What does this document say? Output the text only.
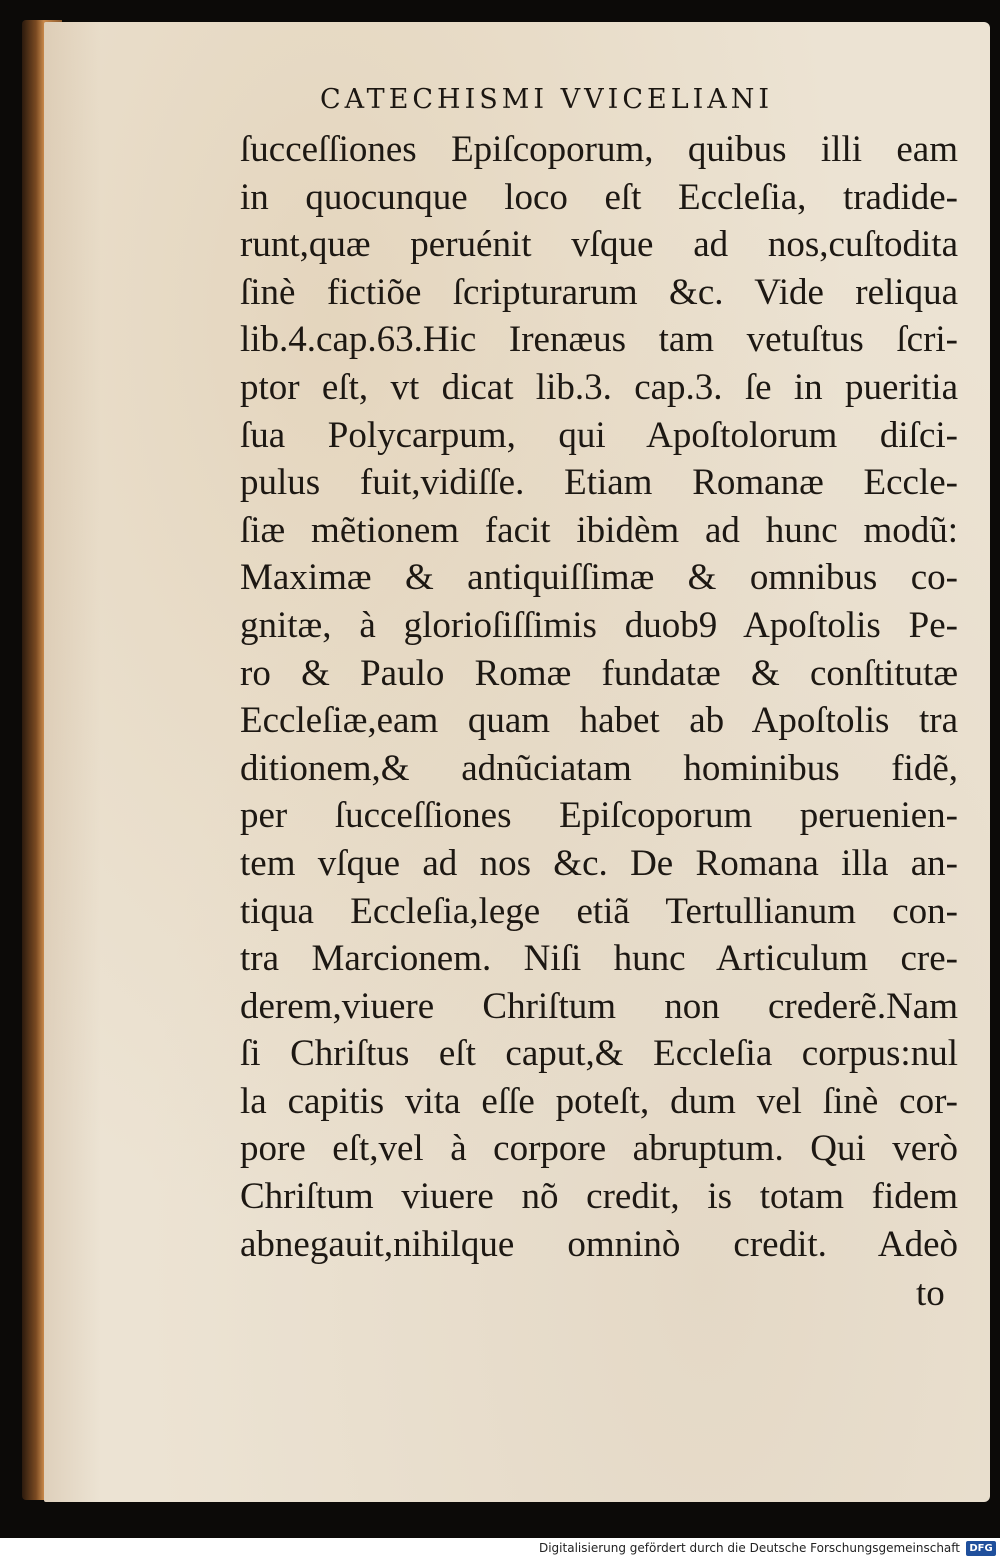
CATECHISMI VVICELIANI
ſucceſſiones Epiſcoporum, quibus illi eam
in quocunque loco eſt Eccleſia, tradide-
runt,quæ peruénit vſque ad nos,cuſtodita
ſinè fictiõe ſcripturarum &c. Vide reliqua
lib.4.cap.63.Hic Irenæus tam vetuſtus ſcri-
ptor eſt, vt dicat lib.3. cap.3. ſe in pueritia
ſua Polycarpum, qui Apoſtolorum diſci-
pulus fuit,vidiſſe. Etiam Romanæ Eccle-
ſiæ mẽtionem facit ibidèm ad hunc modũ:
Maximæ & antiquiſſimæ & omnibus co-
gnitæ, à glorioſiſſimis duob9 Apoſtolis Pe-
ro & Paulo Romæ fundatæ & conſtitutæ
Eccleſiæ,eam quam habet ab Apoſtolis tra
ditionem,& adnũciatam hominibus fidẽ,
per ſucceſſiones Epiſcoporum peruenien-
tem vſque ad nos &c. De Romana illa an-
tiqua Eccleſia,lege etiã Tertullianum con-
tra Marcionem. Niſi hunc Articulum cre-
derem,viuere Chriſtum non crederẽ.Nam
ſi Chriſtus eſt caput,& Eccleſia corpus:nul
la capitis vita eſſe poteſt, dum vel ſinè cor-
pore eſt,vel à corpore abruptum. Qui verò
Chriſtum viuere nõ credit, is totam fidem
abnegauit,nihilque omninò credit. Adeò
to
Digitalisierung gefördert durch die Deutsche Forschungsgemeinschaft DFG
